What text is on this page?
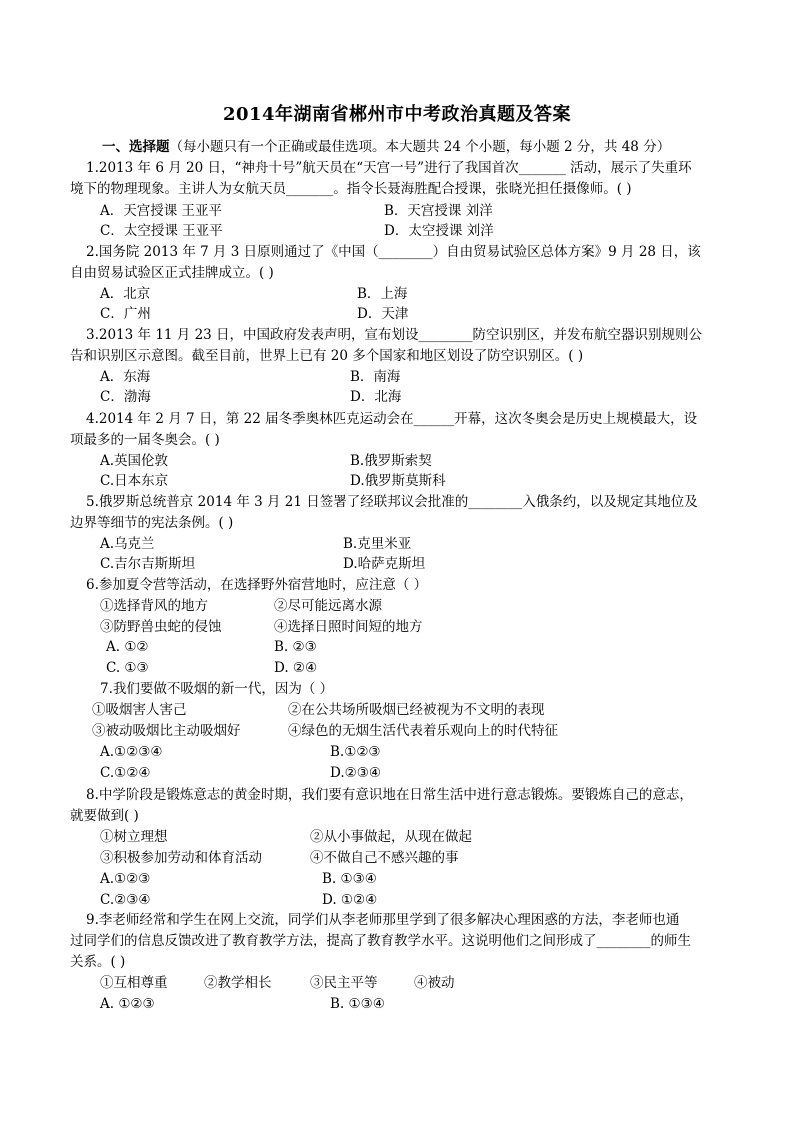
2014年湖南省郴州市中考政治真题及答案
一、选择题（每小题只有一个正确或最佳选项。本大题共 24 个小题，每小题 2 分，共 48 分）
1.2013 年 6 月 20 日，“神舟十号”航天员在“天宫一号”进行了我国首次_______ 活动，展示了失重环
境下的物理现象。主讲人为女航天员_______。指令长聂海胜配合授课，张晓光担任摄像师。( )
A．天宫授课 王亚平	B．天宫授课 刘洋
C．太空授课 王亚平	D．太空授课 刘洋
2.国务院 2013 年 7 月 3 日原则通过了《中国（________）自由贸易试验区总体方案》9 月 28 日，该
自由贸易试验区正式挂牌成立。( )
A．北京	B．上海
C．广州	D．天津
3.2013 年 11 月 23 日，中国政府发表声明，宣布划设________防空识别区，并发布航空器识别规则公
告和识别区示意图。截至目前，世界上已有 20 多个国家和地区划设了防空识别区。( )
A．东海	B．南海
C．渤海	D．北海
4.2014 年 2 月 7 日，第 22 届冬季奥林匹克运动会在______开幕，这次冬奥会是历史上规模最大，设
项最多的一届冬奥会。( )
A.英国伦敦	B.俄罗斯索契
C.日本东京	D.俄罗斯莫斯科
5.俄罗斯总统普京 2014 年 3 月 21 日签署了经联邦议会批准的________入俄条约，以及规定其地位及
边界等细节的宪法条例。( )
A.乌克兰	B.克里米亚
C.吉尔吉斯斯坦	D.哈萨克斯坦
6.参加夏令营等活动，在选择野外宿营地时，应注意（ ）
①选择背风的地方	②尽可能远离水源
③防野兽虫蛇的侵蚀	④选择日照时间短的地方
A. ①②	B. ②③
C. ①③	D. ②④
7.我们要做不吸烟的新一代，因为（ ）
①吸烟害人害己	②在公共场所吸烟已经被视为不文明的表现
③被动吸烟比主动吸烟好	④绿色的无烟生活代表着乐观向上的时代特征
A.①②③④	B.①②③
C.①②④	D.②③④
8.中学阶段是锻炼意志的黄金时期，我们要有意识地在日常生活中进行意志锻炼。要锻炼自己的意志，
就要做到( )
①树立理想	②从小事做起，从现在做起
③积极参加劳动和体育活动	④不做自己不感兴趣的事
A.①②③	B. ①③④
C.②③④	D. ①②④
9.李老师经常和学生在网上交流，同学们从李老师那里学到了很多解决心理困惑的方法，李老师也通
过同学们的信息反馈改进了教育教学方法，提高了教育教学水平。这说明他们之间形成了________的师生
关系。( )
①互相尊重	②教学相长	③民主平等	④被动
A. ①②③	B. ①③④
